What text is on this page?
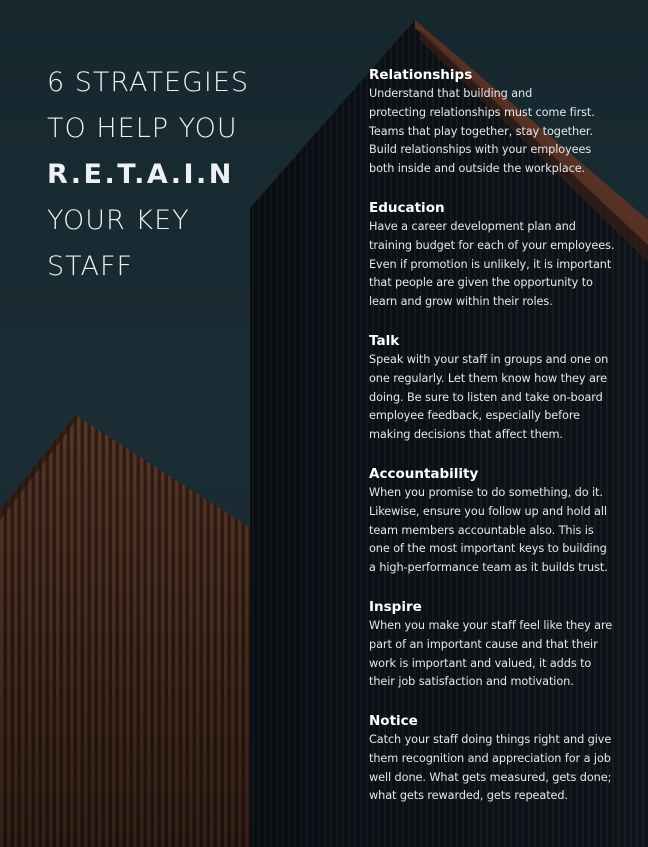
6 STRATEGIES
TO HELP YOU
R.E.T.A.I.N
YOUR KEY
STAFF
Relationships
Understand that building and
protecting relationships must come first.
Teams that play together, stay together.
Build relationships with your employees
both inside and outside the workplace.
Education
Have a career development plan and
training budget for each of your employees.
Even if promotion is unlikely, it is important
that people are given the opportunity to
learn and grow within their roles.
Talk
Speak with your staff in groups and one on
one regularly. Let them know how they are
doing. Be sure to listen and take on-board
employee feedback, especially before
making decisions that affect them.
Accountability
When you promise to do something, do it.
Likewise, ensure you follow up and hold all
team members accountable also. This is
one of the most important keys to building
a high-performance team as it builds trust.
Inspire
When you make your staff feel like they are
part of an important cause and that their
work is important and valued, it adds to
their job satisfaction and motivation.
Notice
Catch your staff doing things right and give
them recognition and appreciation for a job
well done. What gets measured, gets done;
what gets rewarded, gets repeated.
